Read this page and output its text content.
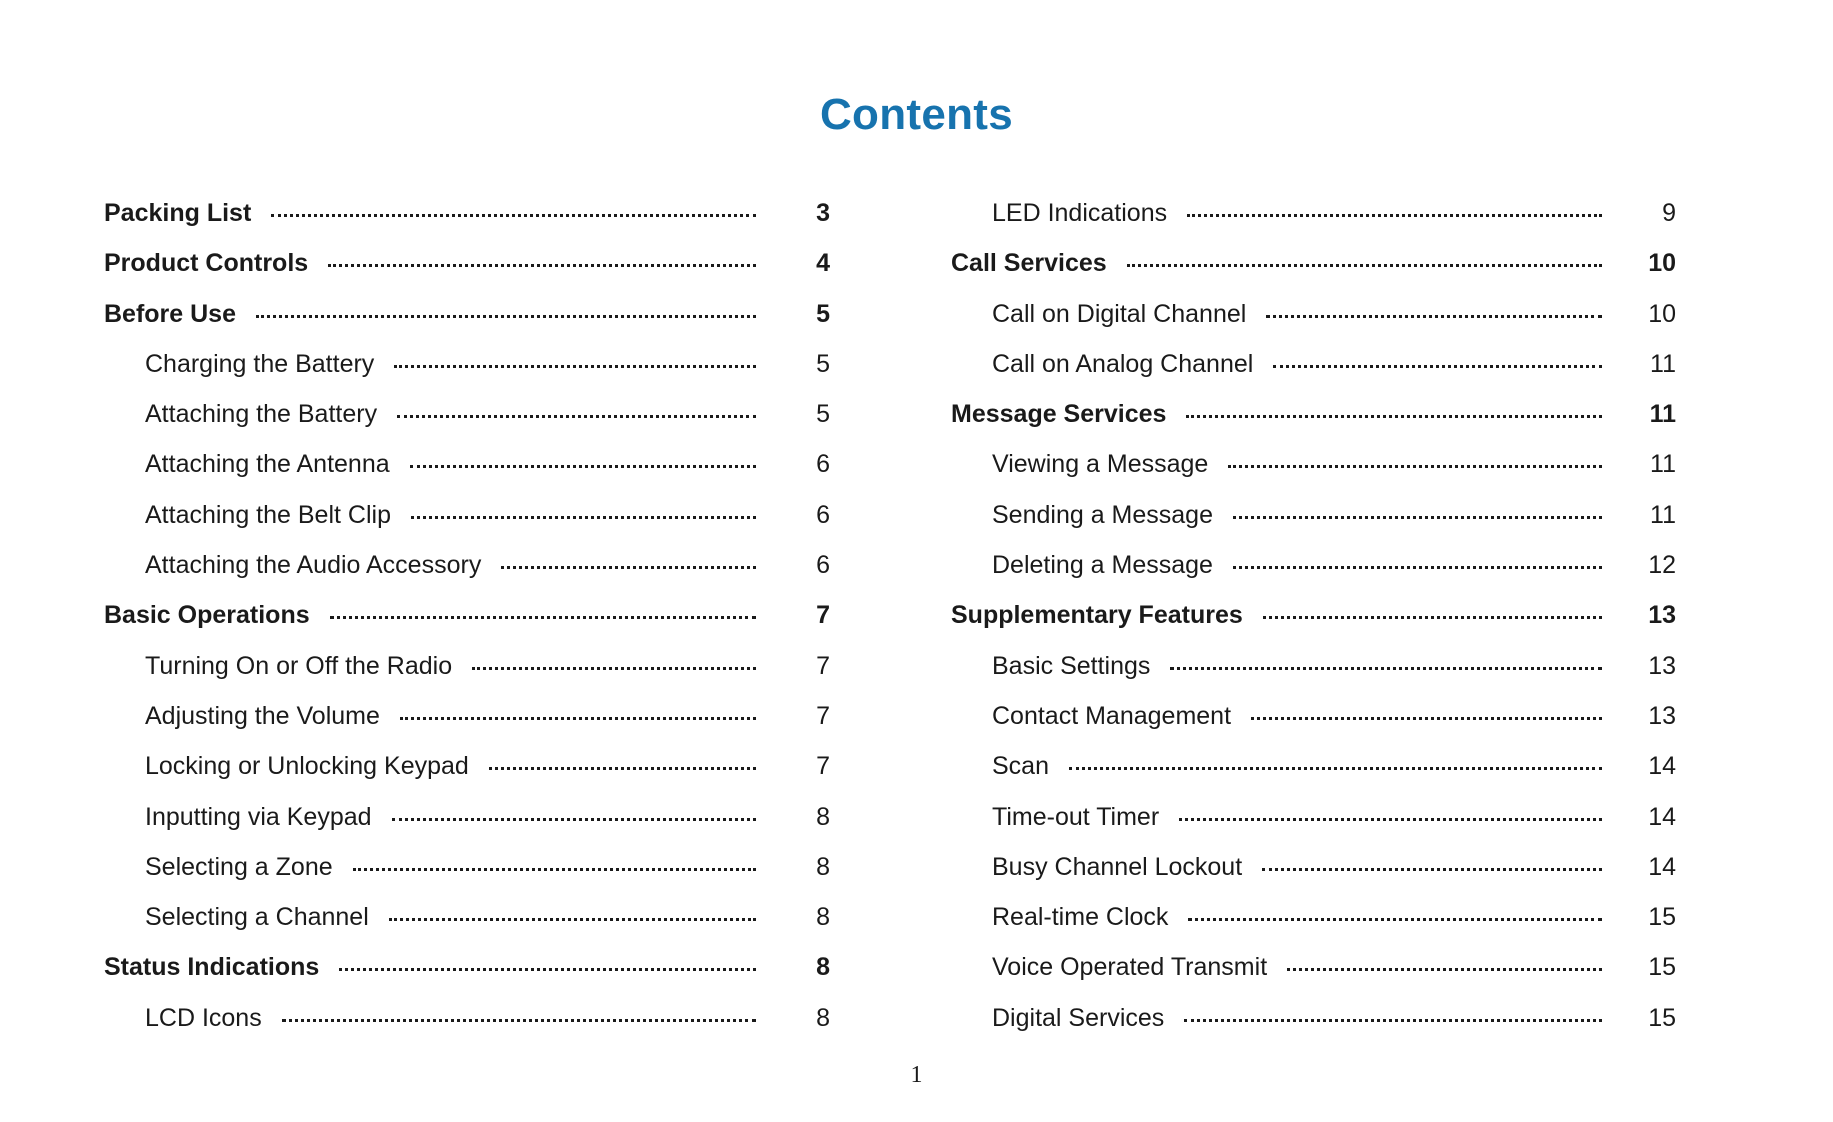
Contents
Packing List	3
Product Controls	4
Before Use	5
Charging the Battery	5
Attaching the Battery	5
Attaching the Antenna	6
Attaching the Belt Clip	6
Attaching the Audio Accessory	6
Basic Operations	7
Turning On or Off the Radio	7
Adjusting the Volume	7
Locking or Unlocking Keypad	7
Inputting via Keypad	8
Selecting a Zone	8
Selecting a Channel	8
Status Indications	8
LCD Icons	8
LED Indications	9
Call Services	10
Call on Digital Channel	10
Call on Analog Channel	11
Message Services	11
Viewing a Message	11
Sending a Message	11
Deleting a Message	12
Supplementary Features	13
Basic Settings	13
Contact Management	13
Scan	14
Time-out Timer	14
Busy Channel Lockout	14
Real-time Clock	15
Voice Operated Transmit	15
Digital Services	15
1
